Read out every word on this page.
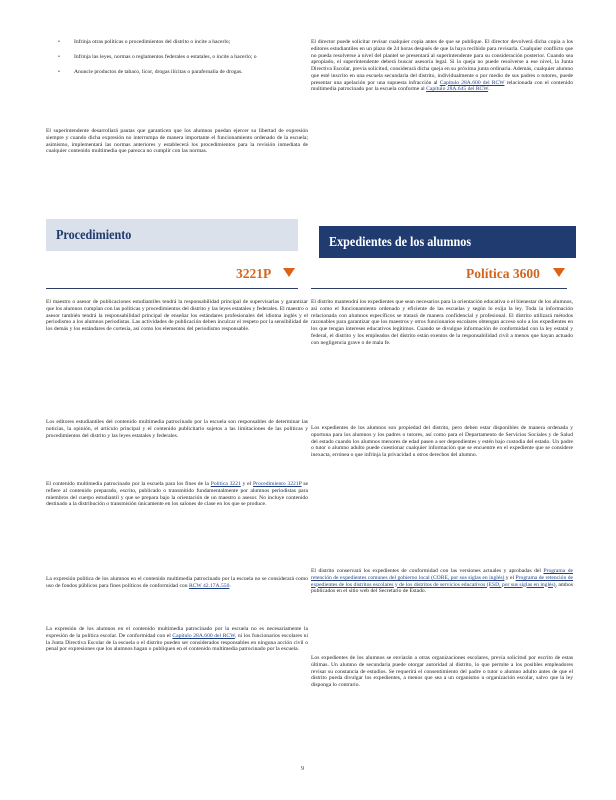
•	Infrinja otras políticas o procedimientos del distrito o incite a hacerlo;
•	Infrinja las leyes, normas o reglamentos federales o estatales, o incite a hacerlo; o
•	Anuncie productos de tabaco, licor, drogas ilícitas o parafernalia de drogas.

El superintendente desarrollará pautas que garanticen que los alumnos puedan ejercer su libertad de expresión siempre y cuando dicha expresión no interrumpa de manera importante el funcionamiento ordenado de la escuela; asimismo, implementará las normas anteriores y establecerá los procedimientos para la revisión inmediata de cualquier contenido multimedia que parezca no cumplir con las normas.

El maestro o asesor de publicaciones estudiantiles tendrá la responsabilidad principal de supervisarlas y garantizar que los alumnos cumplan con las políticas y procedimientos del distrito y las leyes estatales y federales. El maestro o asesor también tendrá la responsabilidad principal de enseñar los estándares profesionales del idioma inglés y el periodismo a los alumnos periodistas. Las actividades de publicación deben inculcar el respeto por la sensibilidad de los demás y los estándares de cortesía, así como los elementos del periodismo responsable.

Los editores estudiantiles del contenido multimedia patrocinado por la escuela son responsables de determinar las noticias, la opinión, el artículo principal y el contenido publicitario sujetos a las limitaciones de las políticas y procedimientos del distrito y las leyes estatales y federales.

El contenido multimedia patrocinado por la escuela para los fines de la Política 3221 y el Procedimiento 3221P se refiere al contenido preparado, escrito, publicado o transmitido fundamentalmente por alumnos periodistas para miembros del cuerpo estudiantil y que se prepara bajo la orientación de un maestro o asesor. No incluye contenido destinado a la distribución o transmisión únicamente en los salones de clase en los que se produce.

La expresión política de los alumnos en el contenido multimedia patrocinado por la escuela no se considerará como uso de fondos públicos para fines políticos de conformidad con RCW 42.17A.550.

La expresión de los alumnos en el contenido multimedia patrocinado por la escuela no es necesariamente la expresión de la política escolar. De conformidad con el Capítulo 28A.600 del RCW, ni los funcionarios escolares ni la Junta Directiva Escolar de la escuela o el distrito pueden ser considerados responsables en ninguna acción civil o penal por expresiones que los alumnos hagan o publiquen en el contenido multimedia patrocinado por la escuela.

El director puede solicitar revisar cualquier copia antes de que se publique. El director devolverá dicha copia a los editores estudiantiles en un plazo de 24 horas después de que la haya recibido para revisarla. Cualquier conflicto que no pueda resolverse a nivel del plantel se presentará al superintendente para su consideración posterior. Cuando sea apropiado, el superintendente deberá buscar asesoría legal. Si la queja no puede resolverse a ese nivel, la Junta Directiva Escolar, previa solicitud, considerará dicha queja en su próxima junta ordinaria. Además, cualquier alumno que esté inscrito en una escuela secundaria del distrito, individualmente o por medio de sus padres o tutores, puede presentar una apelación por una supuesta infracción al Capítulo 28A.600 del RCW relacionada con el contenido multimedia patrocinado por la escuela conforme al Capítulo 28A.645 del RCW.

El distrito mantendrá los expedientes que sean necesarios para la orientación educativa o el bienestar de los alumnos, así como el funcionamiento ordenado y eficiente de las escuelas y según lo exija la ley. Toda la información relacionada con alumnos específicos se tratará de manera confidencial y profesional. El distrito utilizará métodos razonables para garantizar que los maestros y otros funcionarios escolares obtengan acceso solo a los expedientes en los que tengan intereses educativos legítimos. Cuando se divulgue información de conformidad con la ley estatal y federal, el distrito y los empleados del distrito están exentos de la responsabilidad civil a menos que hayan actuado con negligencia grave o de mala fe.

Los expedientes de los alumnos son propiedad del distrito, pero deben estar disponibles de manera ordenada y oportuna para los alumnos y los padres o tutores, así como para el Departamento de Servicios Sociales y de Salud del estado cuando los alumnos menores de edad pasen a ser dependientes y estén bajo custodia del estado. Un padre o tutor o alumno adulto puede cuestionar cualquier información que se encuentre en el expediente que se considere inexacta, errónea o que infrinja la privacidad u otros derechos del alumno.

El distrito conservará los expedientes de conformidad con las versiones actuales y aprobadas del Programa de retención de expedientes comunes del gobierno local (CORE, por sus siglas en inglés) y el Programa de retención de expedientes de los distritos escolares y de los distritos de servicios educativos (ESD, por sus siglas en inglés), ambos publicados en el sitio web del Secretario de Estado.

Los expedientes de los alumnos se enviarán a otras organizaciones escolares, previa solicitud por escrito de estas últimas. Un alumno de secundaria puede otorgar autoridad al distrito, lo que permite a los posibles empleadores revisar su constancia de estudios. Se requerirá el consentimiento del padre o tutor o alumno adulto antes de que el distrito pueda divulgar los expedientes, a menos que sea a un organismo u organización escolar, salvo que la ley disponga lo contrario.

Procedimiento	Expedientes de los alumnos
3221P	Política 3600
9
